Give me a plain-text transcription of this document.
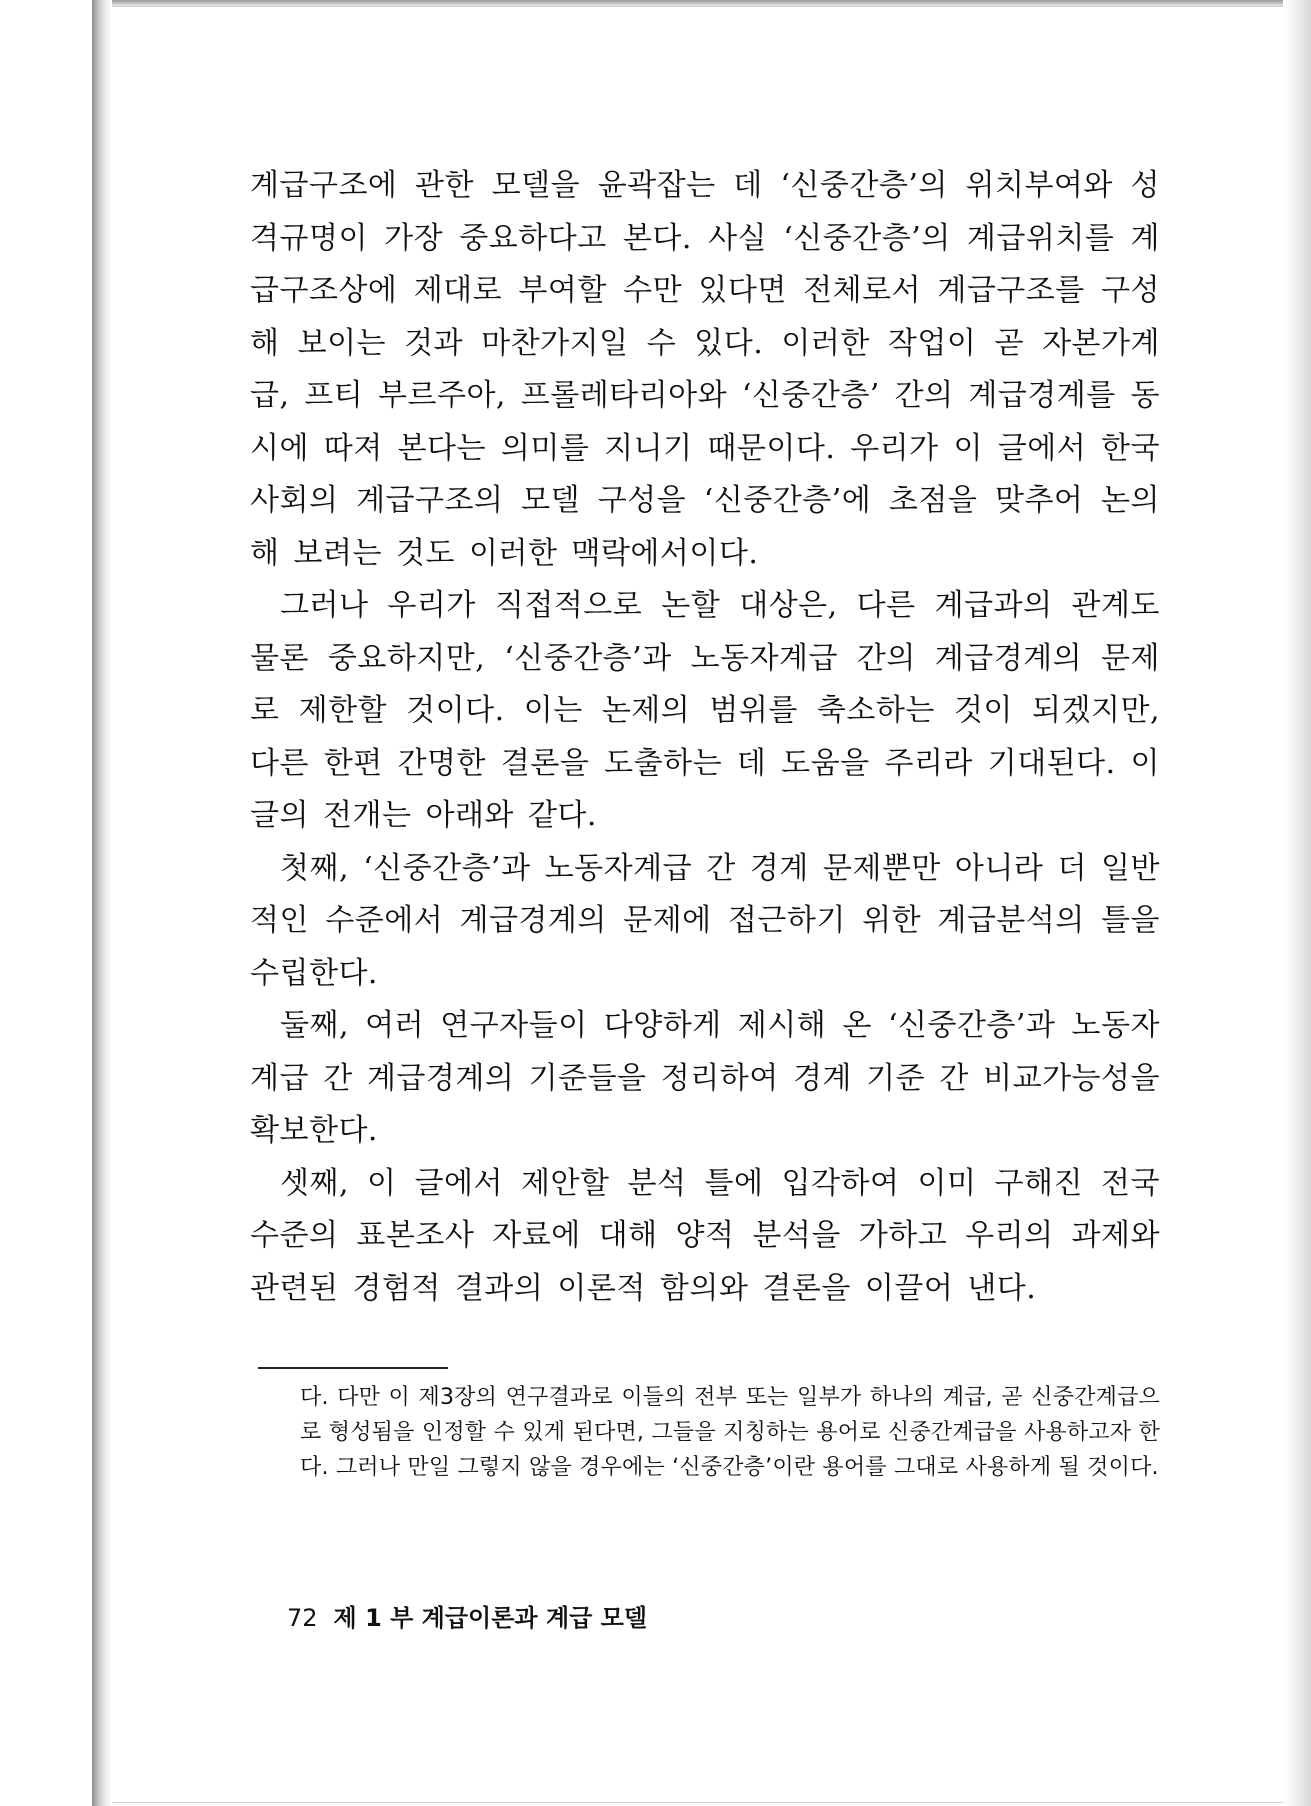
계급구조에 관한 모델을 윤곽잡는 데 ‘신중간층’의 위치부여와 성격규명이 가장 중요하다고 본다. 사실 ‘신중간층’의 계급위치를 계급구조상에 제대로 부여할 수만 있다면 전체로서 계급구조를 구성해 보이는 것과 마찬가지일 수 있다. 이러한 작업이 곧 자본가계급, 프티 부르주아, 프롤레타리아와 ‘신중간층’ 간의 계급경계를 동시에 따져 본다는 의미를 지니기 때문이다. 우리가 이 글에서 한국사회의 계급구조의 모델 구성을 ‘신중간층’에 초점을 맞추어 논의해 보려는 것도 이러한 맥락에서이다.

그러나 우리가 직접적으로 논할 대상은, 다른 계급과의 관계도 물론 중요하지만, ‘신중간층’과 노동자계급 간의 계급경계의 문제로 제한할 것이다. 이는 논제의 범위를 축소하는 것이 되겠지만, 다른 한편 간명한 결론을 도출하는 데 도움을 주리라 기대된다. 이 글의 전개는 아래와 같다.

첫째, ‘신중간층’과 노동자계급 간 경계 문제뿐만 아니라 더 일반적인 수준에서 계급경계의 문제에 접근하기 위한 계급분석의 틀을 수립한다.

둘째, 여러 연구자들이 다양하게 제시해 온 ‘신중간층’과 노동자계급 간 계급경계의 기준들을 정리하여 경계 기준 간 비교가능성을 확보한다.

셋째, 이 글에서 제안할 분석 틀에 입각하여 이미 구해진 전국 수준의 표본조사 자료에 대해 양적 분석을 가하고 우리의 과제와 관련된 경험적 결과의 이론적 함의와 결론을 이끌어 낸다.

다. 다만 이 제3장의 연구결과로 이들의 전부 또는 일부가 하나의 계급, 곧 신중간계급으로 형성됨을 인정할 수 있게 된다면, 그들을 지칭하는 용어로 신중간계급을 사용하고자 한다. 그러나 만일 그렇지 않을 경우에는 ‘신중간층’이란 용어를 그대로 사용하게 될 것이다.

72 제 1 부 계급이론과 계급 모델
